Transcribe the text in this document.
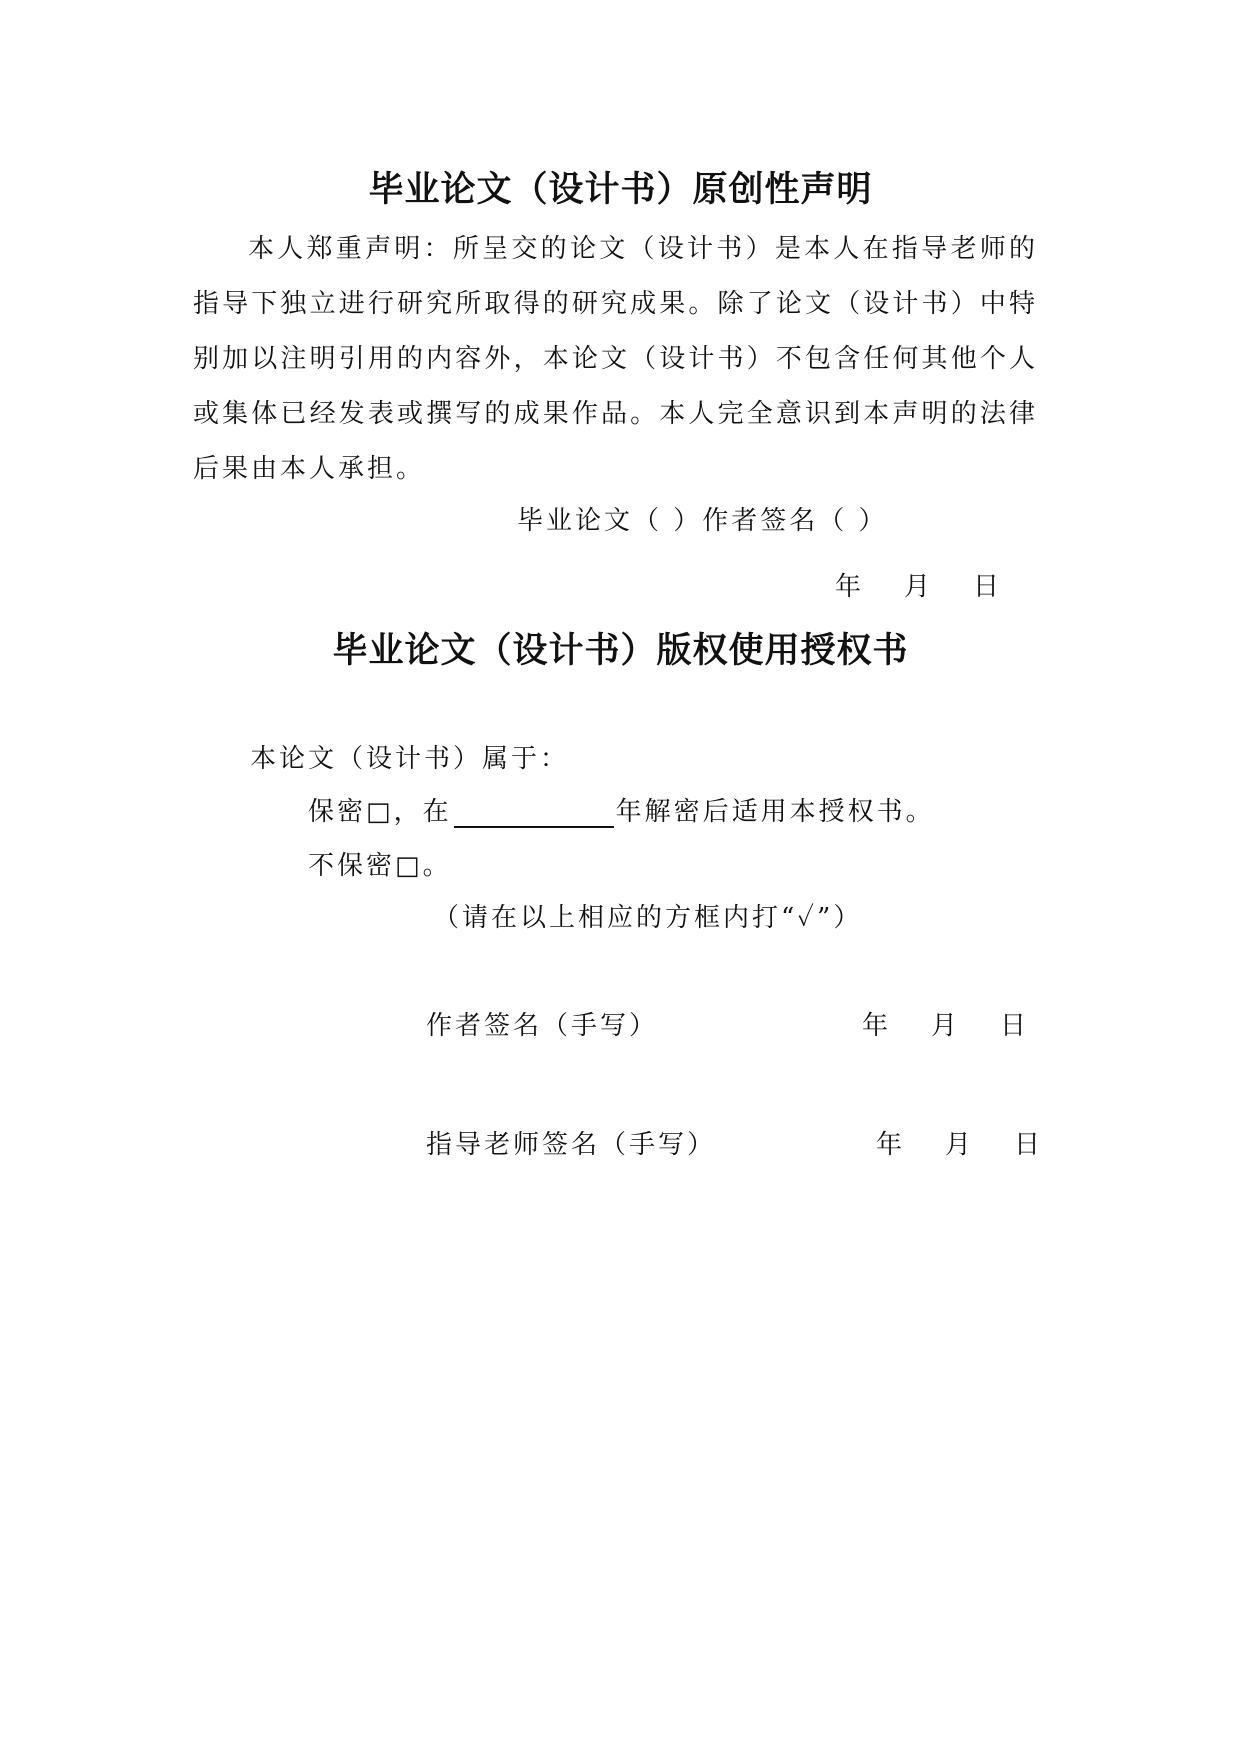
毕业论文（设计书）原创性声明
本人郑重声明：所呈交的论文（设计书）是本人在指导老师的指导下独立进行研究所取得的研究成果。除了论文（设计书）中特别加以注明引用的内容外，本论文（设计书）不包含任何其他个人或集体已经发表或撰写的成果作品。本人完全意识到本声明的法律后果由本人承担。
毕业论文（ ）作者签名（ ）
年 月 日
毕业论文（设计书）版权使用授权书
本论文（设计书）属于：
保密□，在	年解密后适用本授权书。
不保密□。
（请在以上相应的方框内打“✓”）
作者签名（手写）	年 月 日
指导老师签名（手写）	年 月 日
